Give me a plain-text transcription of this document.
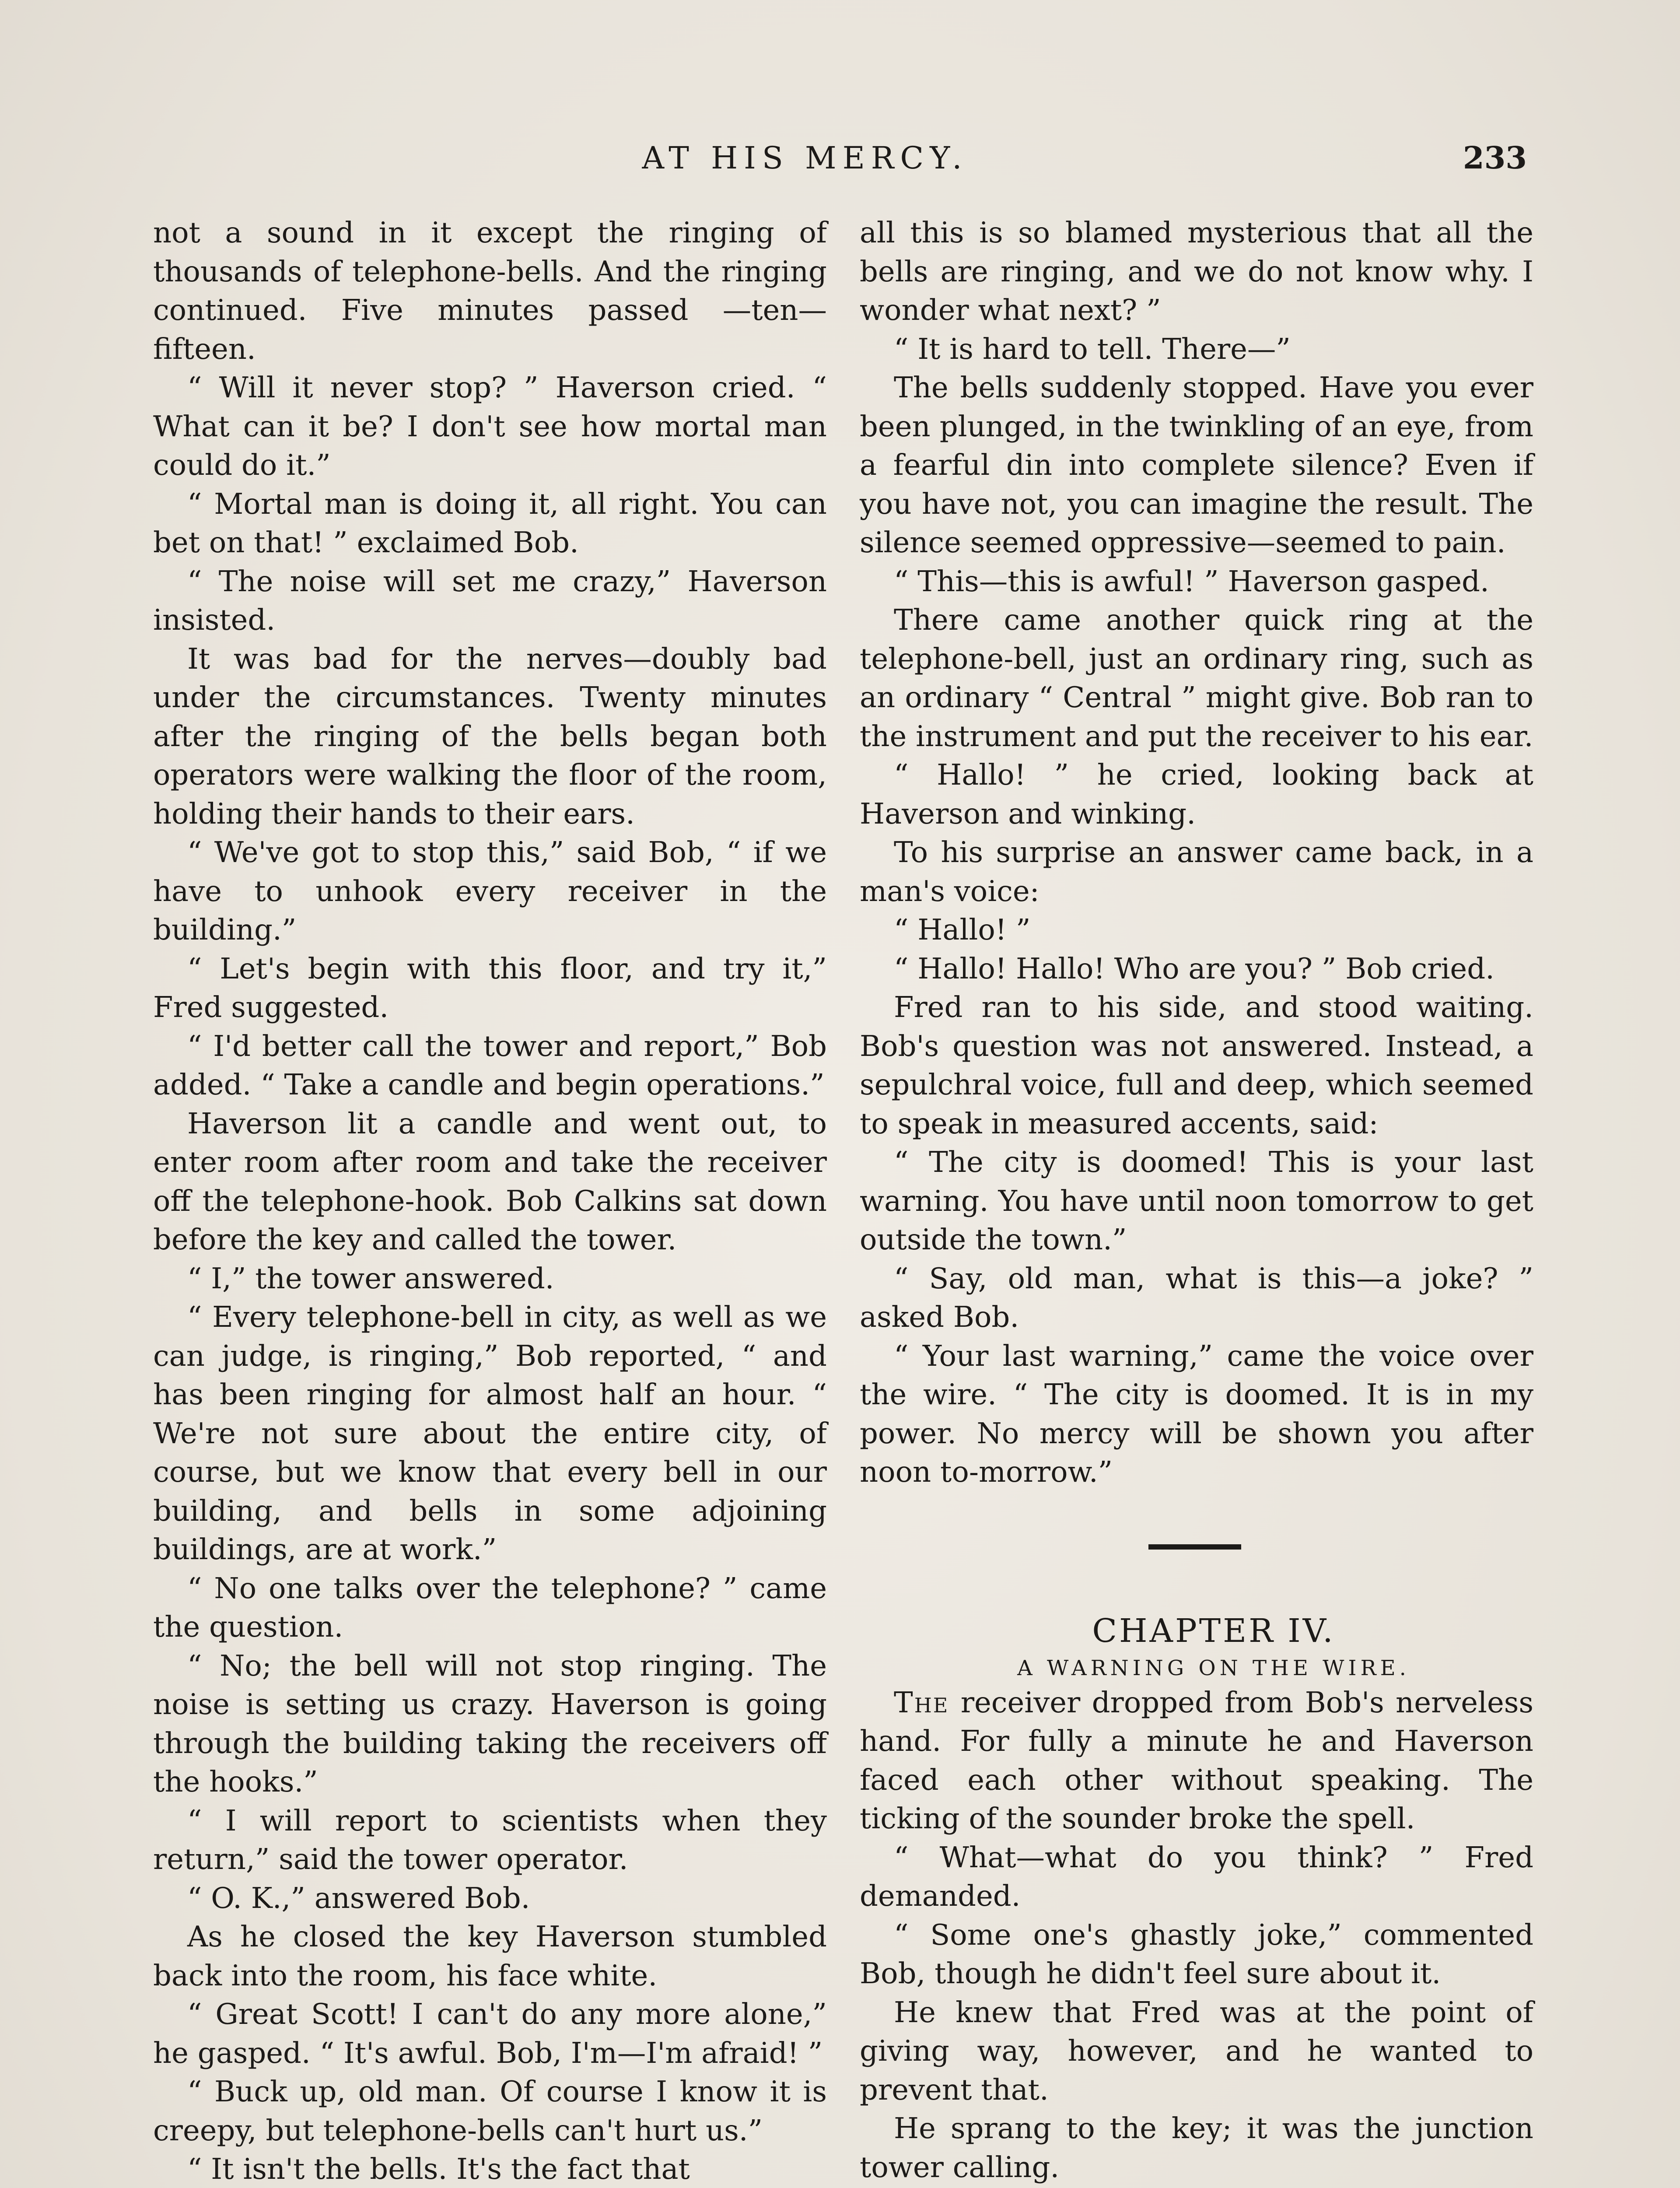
AT HIS MERCY.	233

not a sound in it except the ringing of thousands of telephone-bells. And the ringing continued. Five minutes passed —ten—fifteen.

“ Will it never stop? ” Haverson cried. “ What can it be? I don't see how mortal man could do it.”

“ Mortal man is doing it, all right. You can bet on that! ” exclaimed Bob.

“ The noise will set me crazy,” Haverson insisted.

It was bad for the nerves—doubly bad under the circumstances. Twenty minutes after the ringing of the bells began both operators were walking the floor of the room, holding their hands to their ears.

“ We've got to stop this,” said Bob, “ if we have to unhook every receiver in the building.”

“ Let's begin with this floor, and try it,” Fred suggested.

“ I'd better call the tower and report,” Bob added. “ Take a candle and begin operations.”

Haverson lit a candle and went out, to enter room after room and take the receiver off the telephone-hook. Bob Calkins sat down before the key and called the tower.

“ I,” the tower answered.

“ Every telephone-bell in city, as well as we can judge, is ringing,” Bob reported, “ and has been ringing for almost half an hour. “ We're not sure about the entire city, of course, but we know that every bell in our building, and bells in some adjoining buildings, are at work.”

“ No one talks over the telephone? ” came the question.

“ No; the bell will not stop ringing. The noise is setting us crazy. Haverson is going through the building taking the receivers off the hooks.”

“ I will report to scientists when they return,” said the tower operator.

“ O. K.,” answered Bob.

As he closed the key Haverson stumbled back into the room, his face white.

“ Great Scott! I can't do any more alone,” he gasped. “ It's awful. Bob, I'm—I'm afraid! ”

“ Buck up, old man. Of course I know it is creepy, but telephone-bells can't hurt us.”

“ It isn't the bells. It's the fact that

all this is so blamed mysterious that all the bells are ringing, and we do not know why. I wonder what next? ”

“ It is hard to tell. There—”

The bells suddenly stopped. Have you ever been plunged, in the twinkling of an eye, from a fearful din into complete silence? Even if you have not, you can imagine the result. The silence seemed oppressive—seemed to pain.

“ This—this is awful! ” Haverson gasped.

There came another quick ring at the telephone-bell, just an ordinary ring, such as an ordinary “ Central ” might give. Bob ran to the instrument and put the receiver to his ear.

“ Hallo! ” he cried, looking back at Haverson and winking.

To his surprise an answer came back, in a man's voice:

“ Hallo! ”

“ Hallo! Hallo! Who are you? ” Bob cried.

Fred ran to his side, and stood waiting. Bob's question was not answered. Instead, a sepulchral voice, full and deep, which seemed to speak in measured accents, said:

“ The city is doomed! This is your last warning. You have until noon tomorrow to get outside the town.”

“ Say, old man, what is this—a joke? ” asked Bob.

“ Your last warning,” came the voice over the wire. “ The city is doomed. It is in my power. No mercy will be shown you after noon to-morrow.”

CHAPTER IV.

A WARNING ON THE WIRE.

The receiver dropped from Bob's nerveless hand. For fully a minute he and Haverson faced each other without speaking. The ticking of the sounder broke the spell.

“ What—what do you think? ” Fred demanded.

“ Some one's ghastly joke,” commented Bob, though he didn't feel sure about it.

He knew that Fred was at the point of giving way, however, and he wanted to prevent that.

He sprang to the key; it was the junction tower calling.
